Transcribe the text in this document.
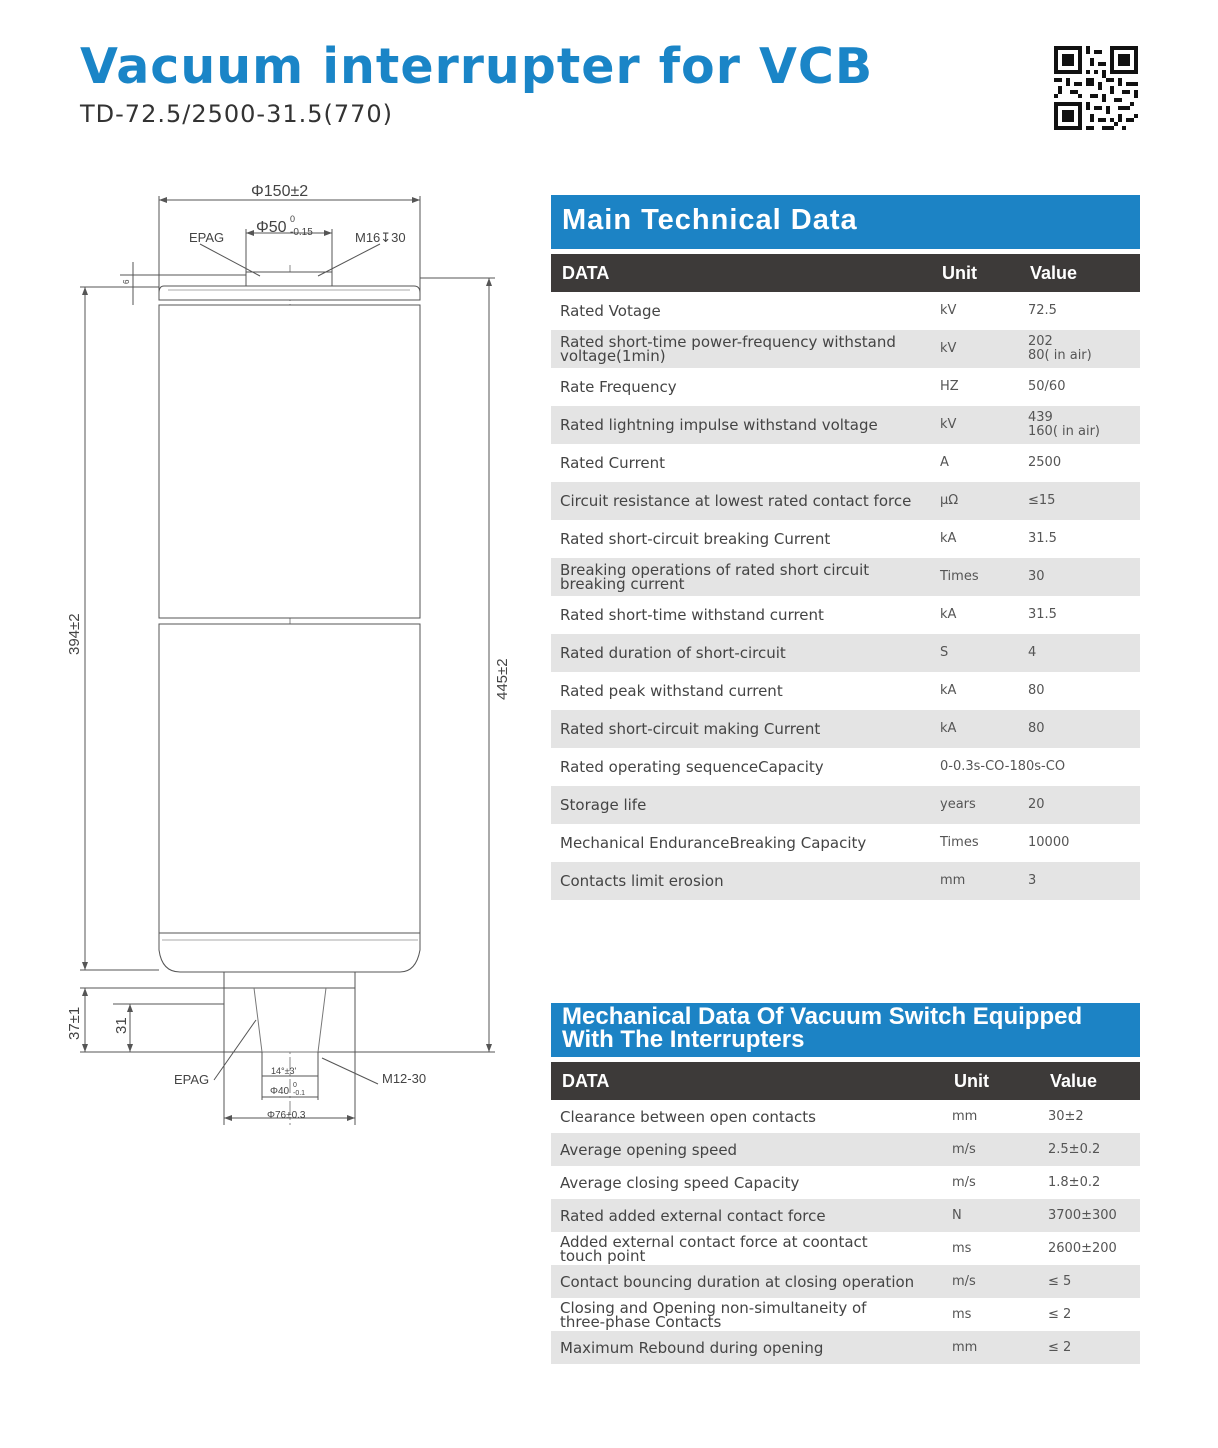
Vacuum interrupter for VCB
TD-72.5/2500-31.5(770)
Φ150±2
Φ50 0
-0.15
EPAG	M16↧30
6
394±2
445±2
37±1 31
EPAG	M12-30
14°±3'
Φ40
0
-0.1
Φ76±0.3
Main Technical Data
DATA	Unit	Value
Rated Votage	kV	72.5
Rated short-time power-frequency withstand
voltage(1min)	kV	202
80( in air)
Rate Frequency	HZ	50/60
Rated lightning impulse withstand voltage	kV	439
160( in air)
Rated Current	A	2500
Circuit resistance at lowest rated contact force	μΩ	≤15
Rated short-circuit breaking Current	kA	31.5
Breaking operations of rated short circuit
breaking current	Times	30
Rated short-time withstand current	kA	31.5
Rated duration of short-circuit	S	4
Rated peak withstand current	kA	80
Rated short-circuit making Current	kA	80
Rated operating sequenceCapacity	0-0.3s-CO-180s-CO	
Storage life	years	20
Mechanical EnduranceBreaking Capacity	Times	10000
Contacts limit erosion	mm	3
Mechanical Data Of Vacuum Switch Equipped
With The Interrupters
DATA	Unit	Value
Clearance between open contacts	mm	30±2
Average opening speed	m/s	2.5±0.2
Average closing speed Capacity	m/s	1.8±0.2
Rated added external contact force	N	3700±300
Added external contact force at coontact
touch point	ms	2600±200
Contact bouncing duration at closing operation	m/s	≤ 5
Closing and Opening non-simultaneity of
three-phase Contacts	ms	≤ 2
Maximum Rebound during opening	mm	≤ 2
